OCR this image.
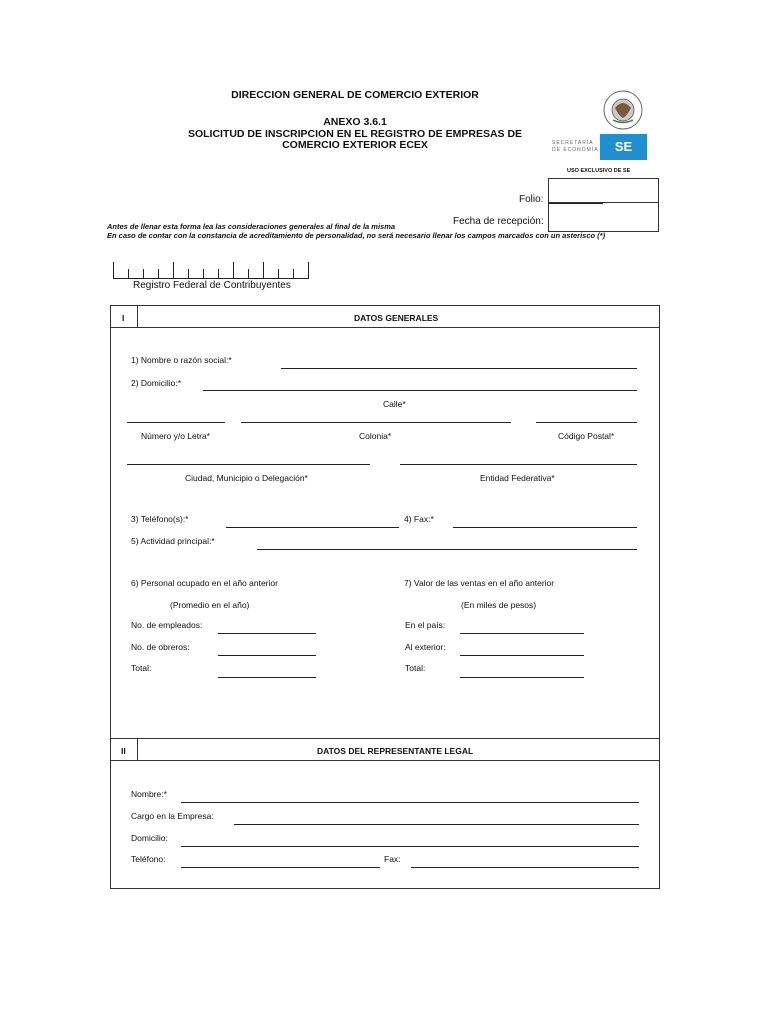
DIRECCION GENERAL DE COMERCIO EXTERIOR
ANEXO 3.6.1
SOLICITUD DE INSCRIPCION EN EL REGISTRO DE EMPRESAS DE
COMERCIO EXTERIOR ECEX	SE
SECRETARÍA
DE ECONOMÍA
USO EXCLUSIVO DE SE
Folio:
Fecha de recepción:
Antes de llenar esta forma lea las consideraciones generales al final de la misma
En caso de contar con la constancia de acreditamiento de personalidad, no será necesario llenar los campos marcados con un asterisco (*)
Registro Federal de Contribuyentes
I	DATOS GENERALES
1) Nombre o razón social:*
2) Domicilio:*
Calle*
Número y/o Letra*	Colonia*	Código Postal*
Ciudad, Municipio o Delegación*	Entidad Federativa*
3) Teléfono(s):*	4) Fax:*
5) Actividad principal:*
6) Personal ocupado en el año anterior
(Promedio en el año)
No. de empleados:
No. de obreros:
Total:
7) Valor de las ventas en el año anterior
(En miles de pesos)
En el país:
Al exterior:
Total:
II	DATOS DEL REPRESENTANTE LEGAL
Nombre:*
Cargo en la Empresa:
Domicilio:
Teléfono:	Fax:
